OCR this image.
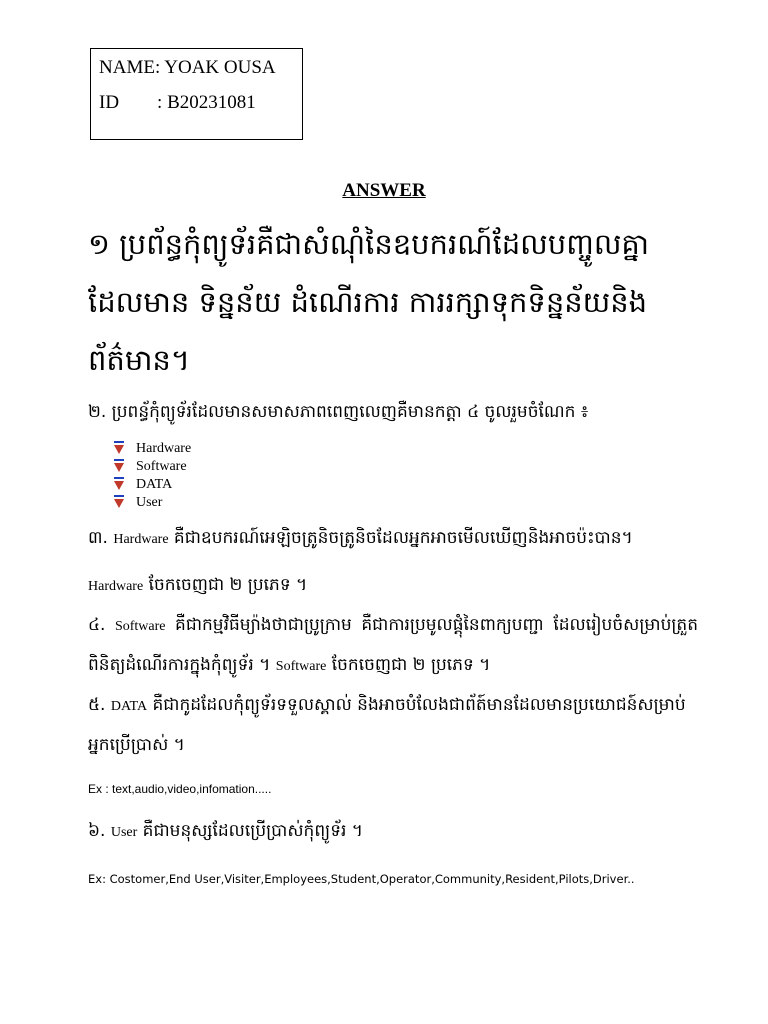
NAME: YOAK OUSA
ID        : B20231081
ANSWER
១ ប្រព័ន្ធកុំព្យូទ័រគឺជាសំណុំនៃឧបករណ៍ដែលបញ្ចូលគ្នាដែលមាន ទិន្នន័យ ដំណើរការ ការរក្សាទុកទិន្នន័យនិងព័ត៌មាន។
២. ប្រពន្ធ័កុំព្យូទ័រដែលមានសមាសភាពពេញលេញគឺមានកត្តា ៤ ចូលរួមចំណែក ៖
Hardware
Software
DATA
User
៣. Hardware គឺជាឧបករណ៍អេឡិចត្រូនិចត្រូនិចដែលអ្នកអាចមើលឃើញនិងអាចប៉ះបាន។
Hardware ចែកចេញជា ២ ប្រភេទ ។
៤. Software គឺជាកម្មវិធីម្យ៉ាងថាជាប្រូក្រាម គឺជាការប្រមូលផ្តុំនៃពាក្យបញ្ជា ដែលរៀបចំសម្រាប់ត្រួតពិនិត្យដំណើរការក្នុងកុំព្យូទ័រ ។ Software ចែកចេញជា ២ ប្រភេទ ។
៥. DATA គឺជាកូដដែលកុំព្យូទ័រទទួលស្គាល់ និងអាចបំលែងជាព័ត៍មានដែលមានប្រយោជន៍សម្រាប់អ្នកប្រើប្រាស់ ។
Ex : text,audio,video,infomation.....
៦. User គឺជាមនុស្សដែលប្រើប្រាស់កុំព្យូទ័រ ។
Ex: Costomer,End User,Visiter,Employees,Student,Operator,Community,Resident,Pilots,Driver..
